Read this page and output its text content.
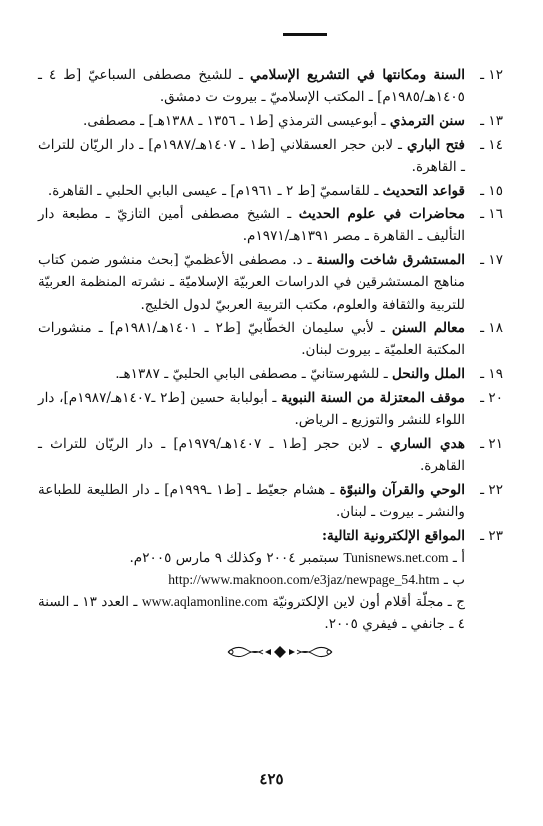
١٢ ـ
السنة ومكانتها في التشريع الإسلامي ـ للشيخ مصطفى السباعيّ [ط ٤ ـ ١٤٠٥هـ/١٩٨٥م] ـ المكتب الإسلاميّ ـ بيروت ت دمشق.
١٣ ـ
سنن الترمذي ـ أبوعيسى الترمذي [ط١ ـ ١٣٥٦ ـ ١٣٨٨هـ] ـ مصطفى.
١٤ ـ
فتح الباري ـ لابن حجر العسقلاني [ط١ ـ ١٤٠٧هـ/١٩٨٧م] ـ دار الريّان للتراث ـ القاهرة.
١٥ ـ
قواعد التحديث ـ للقاسميّ [ط ٢ ـ ١٩٦١م] ـ عيسى البابي الحلبي ـ القاهرة.
١٦ ـ
محاضرات في علوم الحديث ـ الشيخ مصطفى أمين التازيّ ـ مطبعة دار التأليف ـ القاهرة ـ مصر ١٣٩١هـ/١٩٧١م.
١٧ ـ
المستشرق شاخت والسنة ـ د. مصطفى الأعظميّ [بحث منشور ضمن كتاب مناهج المستشرقين في الدراسات العربيّة الإسلاميّة ـ نشرته المنظمة العربيّة للتربية والثقافة والعلوم، مكتب التربية العربيّ لدول الخليج.
١٨ ـ
معالم السنن ـ لأبي سليمان الخطّابيّ [ط٢ ـ ١٤٠١هـ/١٩٨١م] ـ منشورات المكتبة العلميّة ـ بيروت لبنان.
١٩ ـ
الملل والنحل ـ للشهرستانيّ ـ مصطفى البابي الحلبيّ ـ ١٣٨٧هـ.
٢٠ ـ
موقف المعتزلة من السنة النبوية ـ أبولبابة حسين [ط٢ ـ١٤٠٧هـ/١٩٨٧م]، دار اللواء للنشر والتوزيع ـ الرياض.
٢١ ـ
هدي الساري ـ لابن حجر [ط١ ـ ١٤٠٧هـ/١٩٧٩م] ـ دار الريّان للتراث ـ القاهرة.
٢٢ ـ
الوحي والقرآن والنبوّة ـ هشام جعيّط ـ [ط١ ـ١٩٩٩م] ـ دار الطليعة للطباعة والنشر ـ بيروت ـ لبنان.
٢٣ ـ
المواقع الإلكترونية التالية:
أ ـ Tunisnews.net.com سبتمبر ٢٠٠٤ وكذلك ٩ مارس ٢٠٠٥م.
ب ـ http://www.maknoon.com/e3jaz/newpage_54.htm
ج ـ مجلّة أقلام أون لاين الإلكترونيّة www.aqlamonline.com ـ العدد ١٣ ـ السنة ٤ ـ جانفي ـ فيفري ٢٠٠٥.
٤٢٥
